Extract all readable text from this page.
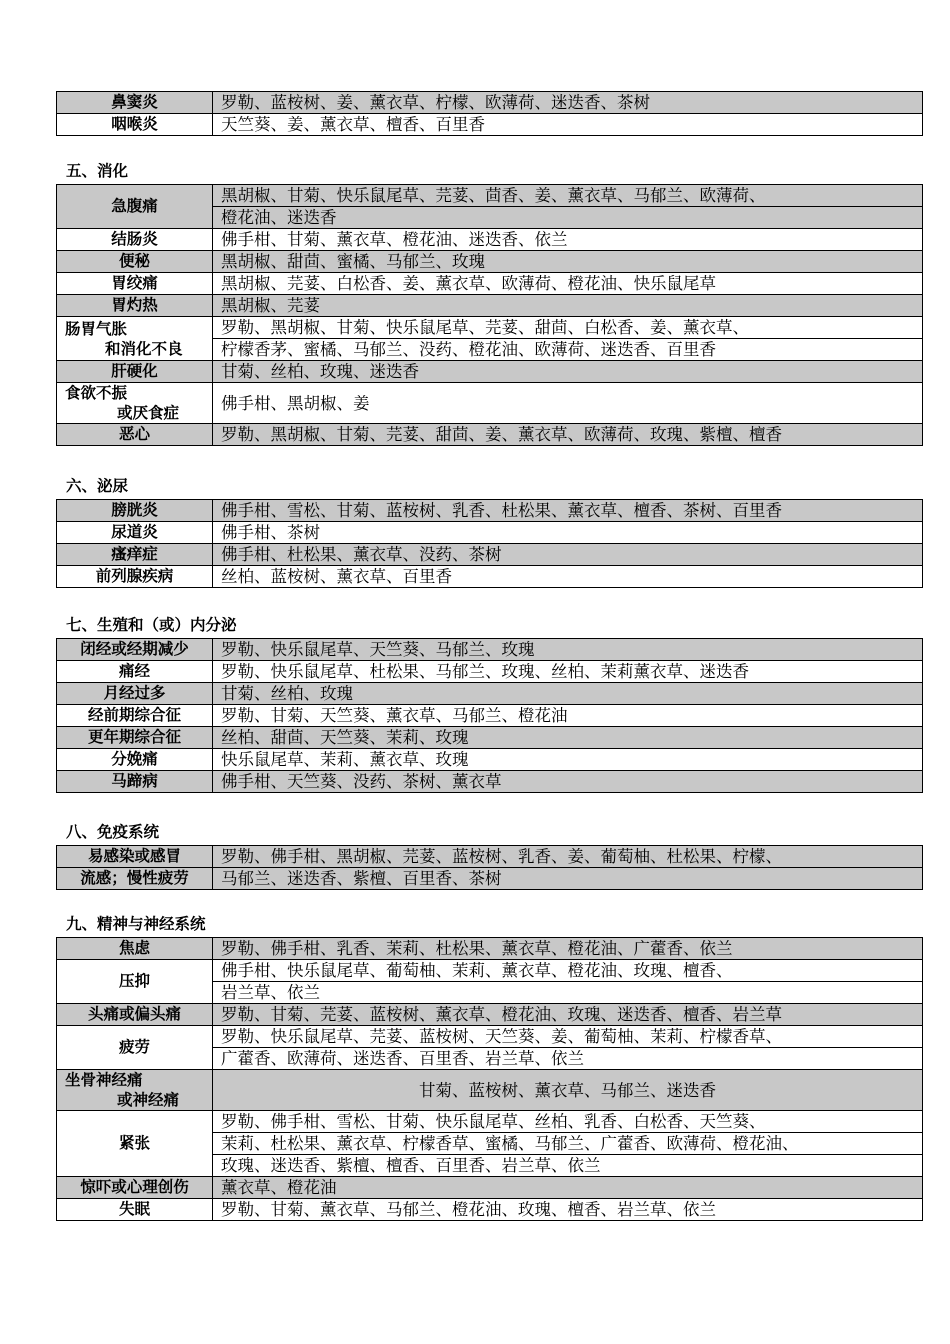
鼻窦炎	罗勒、蓝桉树、姜、薰衣草、柠檬、欧薄荷、迷迭香、茶树
咽喉炎	天竺葵、姜、薰衣草、檀香、百里香
五、消化
急腹痛	黑胡椒、甘菊、快乐鼠尾草、芫荽、茴香、姜、薰衣草、马郁兰、欧薄荷、
	橙花油、迷迭香
结肠炎	佛手柑、甘菊、薰衣草、橙花油、迷迭香、依兰
便秘	黑胡椒、甜茴、蜜橘、马郁兰、玫瑰
胃绞痛	黑胡椒、芫荽、白松香、姜、薰衣草、欧薄荷、橙花油、快乐鼠尾草
胃灼热	黑胡椒、芫荽

肠胃气胀
和消化不良	罗勒、黑胡椒、甘菊、快乐鼠尾草、芫荽、甜茴、白松香、姜、薰衣草、
	柠檬香茅、蜜橘、马郁兰、没药、橙花油、欧薄荷、迷迭香、百里香
肝硬化	甘菊、丝柏、玫瑰、迷迭香

食欲不振
或厌食症	佛手柑、黑胡椒、姜
恶心	罗勒、黑胡椒、甘菊、芫荽、甜茴、姜、薰衣草、欧薄荷、玫瑰、紫檀、檀香
六、泌尿
膀胱炎	佛手柑、雪松、甘菊、蓝桉树、乳香、杜松果、薰衣草、檀香、茶树、百里香
尿道炎	佛手柑、茶树
瘙痒症	佛手柑、杜松果、薰衣草、没药、茶树
前列腺疾病	丝柏、蓝桉树、薰衣草、百里香
七、生殖和（或）内分泌
闭经或经期减少	罗勒、快乐鼠尾草、天竺葵、马郁兰、玫瑰
痛经	罗勒、快乐鼠尾草、杜松果、马郁兰、玫瑰、丝柏、茉莉薰衣草、迷迭香
月经过多	甘菊、丝柏、玫瑰
经前期综合征	罗勒、甘菊、天竺葵、薰衣草、马郁兰、橙花油
更年期综合征	丝柏、甜茴、天竺葵、茉莉、玫瑰
分娩痛	快乐鼠尾草、茉莉、薰衣草、玫瑰
马蹄病	佛手柑、天竺葵、没药、茶树、薰衣草
八、免疫系统
易感染或感冒	罗勒、佛手柑、黑胡椒、芫荽、蓝桉树、乳香、姜、葡萄柚、杜松果、柠檬、
流感；慢性疲劳	马郁兰、迷迭香、紫檀、百里香、茶树
九、精神与神经系统
焦虑	罗勒、佛手柑、乳香、茉莉、杜松果、薰衣草、橙花油、广藿香、依兰
压抑	佛手柑、快乐鼠尾草、葡萄柚、茉莉、薰衣草、橙花油、玫瑰、檀香、
	岩兰草、依兰
头痛或偏头痛	罗勒、甘菊、芫荽、蓝桉树、薰衣草、橙花油、玫瑰、迷迭香、檀香、岩兰草
疲劳	罗勒、快乐鼠尾草、芫荽、蓝桉树、天竺葵、姜、葡萄柚、茉莉、柠檬香草、
	广藿香、欧薄荷、迷迭香、百里香、岩兰草、依兰

坐骨神经痛
或神经痛	甘菊、蓝桉树、薰衣草、马郁兰、迷迭香
紧张	罗勒、佛手柑、雪松、甘菊、快乐鼠尾草、丝柏、乳香、白松香、天竺葵、
	茉莉、杜松果、薰衣草、柠檬香草、蜜橘、马郁兰、广藿香、欧薄荷、橙花油、
	玫瑰、迷迭香、紫檀、檀香、百里香、岩兰草、依兰
惊吓或心理创伤	薰衣草、橙花油
失眠	罗勒、甘菊、薰衣草、马郁兰、橙花油、玫瑰、檀香、岩兰草、依兰
